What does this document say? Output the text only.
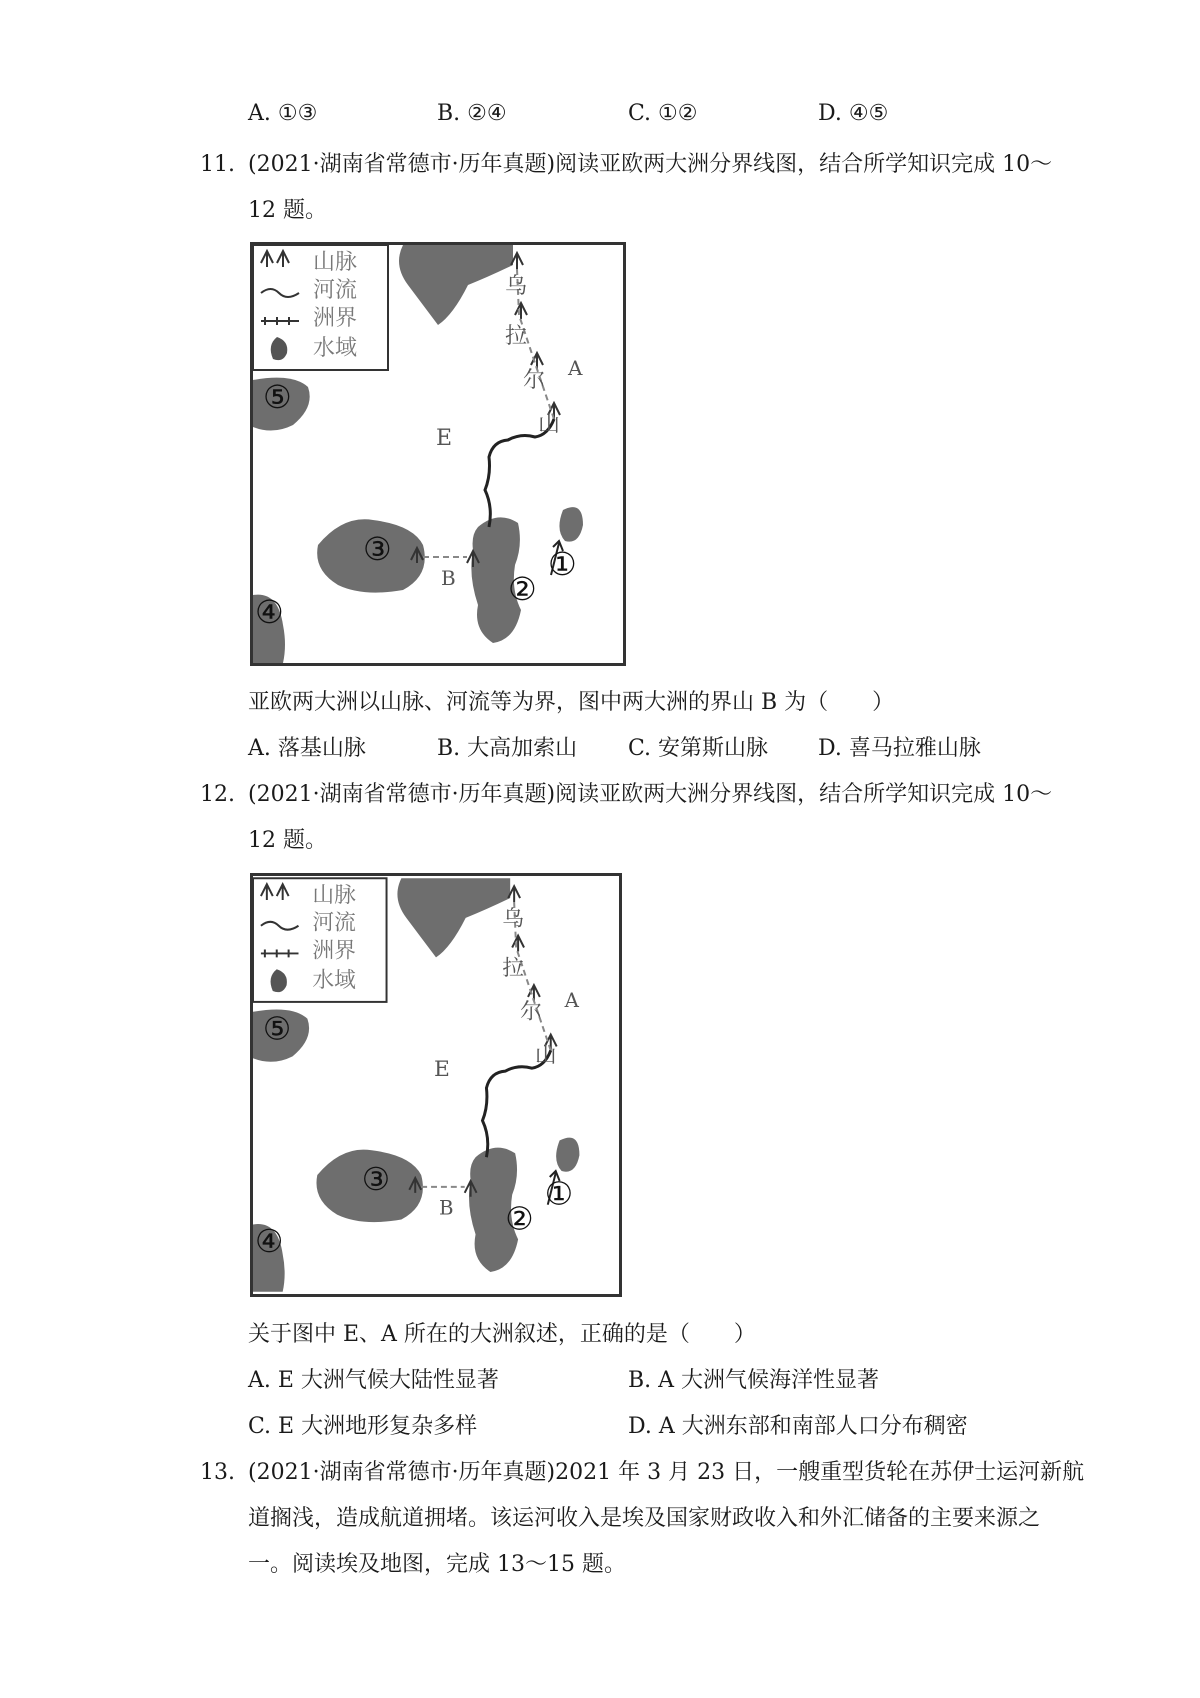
A. ①③	B. ②④	C. ①②	D. ④⑤
11. (2021·湖南省常德市·历年真题)阅读亚欧两大洲分界线图，结合所学知识完成 10～
12 题。
山脉
河流
洲界
水域
乌
拉
尔
山
E
A
B	①
②
③
④
⑤
亚欧两大洲以山脉、河流等为界，图中两大洲的界山 B 为（　　）
A. 落基山脉	B. 大高加索山 C. 安第斯山脉 D. 喜马拉雅山脉
12. (2021·湖南省常德市·历年真题)阅读亚欧两大洲分界线图，结合所学知识完成 10～
12 题。
山脉
河流
洲界
水域
乌
拉
尔
山
E
A
B	①
②
③
④
⑤
关于图中 E、A 所在的大洲叙述，正确的是（　　）
A. E 大洲气候大陆性显著	B. A 大洲气候海洋性显著
C. E 大洲地形复杂多样	D. A 大洲东部和南部人口分布稠密
13. (2021·湖南省常德市·历年真题)2021 年 3 月 23 日，一艘重型货轮在苏伊士运河新航
道搁浅，造成航道拥堵。该运河收入是埃及国家财政收入和外汇储备的主要来源之
一。阅读埃及地图，完成 13～15 题。
